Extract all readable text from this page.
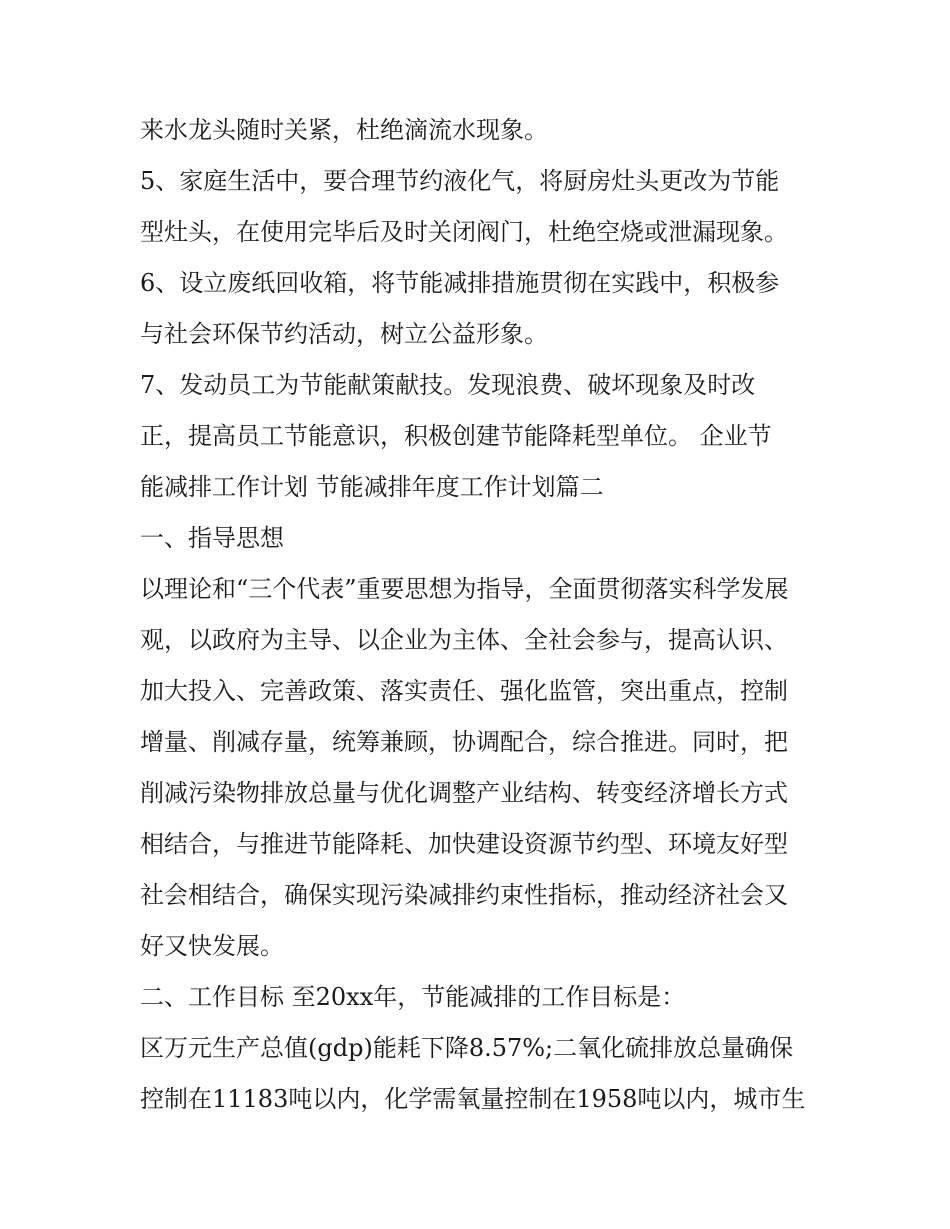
来水龙头随时关紧，杜绝滴流水现象。
5、家庭生活中，要合理节约液化气，将厨房灶头更改为节能
型灶头，在使用完毕后及时关闭阀门，杜绝空烧或泄漏现象。
6、设立废纸回收箱，将节能减排措施贯彻在实践中，积极参
与社会环保节约活动，树立公益形象。
7、发动员工为节能献策献技。发现浪费、破坏现象及时改
正，提高员工节能意识，积极创建节能降耗型单位。 企业节
能减排工作计划 节能减排年度工作计划篇二
一、指导思想
以理论和“三个代表”重要思想为指导，全面贯彻落实科学发展
观，以政府为主导、以企业为主体、全社会参与，提高认识、
加大投入、完善政策、落实责任、强化监管，突出重点，控制
增量、削减存量，统筹兼顾，协调配合，综合推进。同时，把
削减污染物排放总量与优化调整产业结构、转变经济增长方式
相结合，与推进节能降耗、加快建设资源节约型、环境友好型
社会相结合，确保实现污染减排约束性指标，推动经济社会又
好又快发展。
二、工作目标 至20xx年，节能减排的工作目标是：
区万元生产总值(gdp)能耗下降8.57%;二氧化硫排放总量确保
控制在11183吨以内，化学需氧量控制在1958吨以内，城市生
